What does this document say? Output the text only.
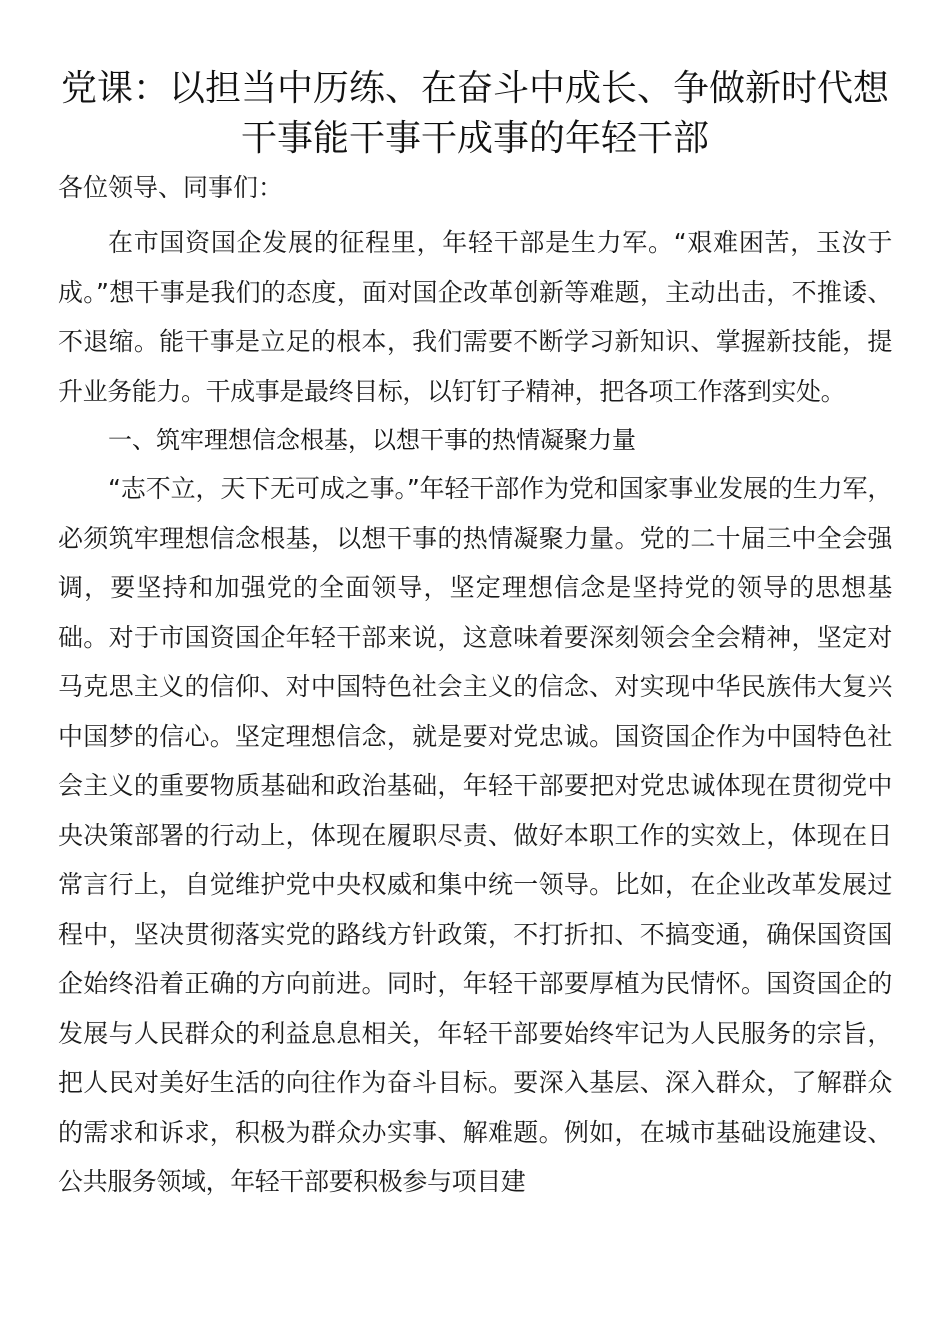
党课：以担当中历练、在奋斗中成长、争做新时代想干事能干事干成事的年轻干部

各位领导、同事们：

在市国资国企发展的征程里，年轻干部是生力军。“艰难困苦，玉汝于成。”想干事是我们的态度，面对国企改革创新等难题，主动出击，不推诿、不退缩。能干事是立足的根本，我们需要不断学习新知识、掌握新技能，提升业务能力。干成事是最终目标，以钉钉子精神，把各项工作落到实处。

一、筑牢理想信念根基，以想干事的热情凝聚力量

“志不立，天下无可成之事。”年轻干部作为党和国家事业发展的生力军，必须筑牢理想信念根基，以想干事的热情凝聚力量。党的二十届三中全会强调，要坚持和加强党的全面领导，坚定理想信念是坚持党的领导的思想基础。对于市国资国企年轻干部来说，这意味着要深刻领会全会精神，坚定对马克思主义的信仰、对中国特色社会主义的信念、对实现中华民族伟大复兴中国梦的信心。坚定理想信念，就是要对党忠诚。国资国企作为中国特色社会主义的重要物质基础和政治基础，年轻干部要把对党忠诚体现在贯彻党中央决策部署的行动上，体现在履职尽责、做好本职工作的实效上，体现在日常言行上，自觉维护党中央权威和集中统一领导。比如，在企业改革发展过程中，坚决贯彻落实党的路线方针政策，不打折扣、不搞变通，确保国资国企始终沿着正确的方向前进。同时，年轻干部要厚植为民情怀。国资国企的发展与人民群众的利益息息相关，年轻干部要始终牢记为人民服务的宗旨，把人民对美好生活的向往作为奋斗目标。要深入基层、深入群众，了解群众的需求和诉求，积极为群众办实事、解难题。例如，在城市基础设施建设、公共服务领域，年轻干部要积极参与项目建
